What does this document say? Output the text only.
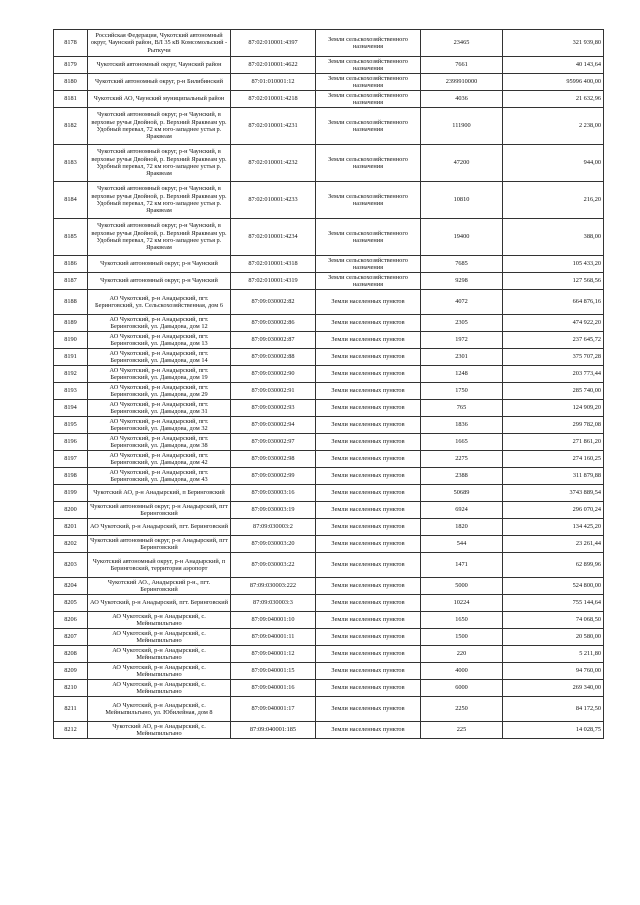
8178	Российская Федерация, Чукотский автономный округ, Чаунский район, ВЛ 35 кВ Комсомольский - Рыткучи	87:02:010001:4397	Земли сельскохозяйственного назначения	23465	321 939,80
8179	Чукотский автономный округ, Чаунский район	87:02:010001:4622	Земли сельскохозяйственного назначения	7661	40 143,64
8180	Чукотский автономный округ, р-н Билибинский	87:01:010001:12	Земли сельскохозяйственного назначения	2399910000	95996 400,00
8181	Чукотский АО, Чаунский муниципальный район	87:02:010001:4218	Земли сельскохозяйственного назначения	4036	21 632,96
8182	Чукотский автономный округ, р-н Чаунский, в верховье ручья Двойной, р. Верхний Яраквеам ур. Удобный перевал, 72 км юго-западнее устья р. Яраквеам	87:02:010001:4231	Земли сельскохозяйственного назначения	111900	2 238,00
8183	Чукотский автономный округ, р-н Чаунский, в верховье ручья Двойной, р. Верхний Яраквеам ур. Удобный перевал, 72 км юго-западнее устья р. Яраквеам	87:02:010001:4232	Земли сельскохозяйственного назначения	47200	944,00
8184	Чукотский автономный округ, р-н Чаунский, в верховье ручья Двойной, р. Верхний Яраквеам ур. Удобный перевал, 72 км юго-западнее устья р. Яраквеам	87:02:010001:4233	Земли сельскохозяйственного назначения	10810	216,20
8185	Чукотский автономный округ, р-н Чаунский, в верховье ручья Двойной, р. Верхний Яраквеам ур. Удобный перевал, 72 км юго-западнее устья р. Яраквеам	87:02:010001:4234	Земли сельскохозяйственного назначения	19400	388,00
8186	Чукотский автономный округ, р-н Чаунский	87:02:010001:4318	Земли сельскохозяйственного назначения	7685	105 433,20
8187	Чукотский автономный округ, р-н Чаунский	87:02:010001:4319	Земли сельскохозяйственного назначения	9298	127 568,56
8188	АО Чукотский, р-н Анадырский, пгт. Беринговский, ул. Сельскохозяйственная, дом 6	87:09:030002:82	Земли населенных пунктов	4072	664 876,16
8189	АО Чукотский, р-н Анадырский, пгт. Беринговский, ул. Давыдова, дом 12	87:09:030002:86	Земли населенных пунктов	2305	474 922,20
8190	АО Чукотский, р-н Анадырский, пгт. Беринговский, ул. Давыдова, дом 13	87:09:030002:87	Земли населенных пунктов	1972	237 645,72
8191	АО Чукотский, р-н Анадырский, пгт. Беринговский, ул. Давыдова, дом 14	87:09:030002:88	Земли населенных пунктов	2301	375 707,28
8192	АО Чукотский, р-н Анадырский, пгт. Беринговский, ул. Давыдова, дом 19	87:09:030002:90	Земли населенных пунктов	1248	203 773,44
8193	АО Чукотский, р-н Анадырский, пгт. Беринговский, ул. Давыдова, дом 29	87:09:030002:91	Земли населенных пунктов	1750	285 740,00
8194	АО Чукотский, р-н Анадырский, пгт. Беринговский, ул. Давыдова, дом 31	87:09:030002:93	Земли населенных пунктов	765	124 909,20
8195	АО Чукотский, р-н Анадырский, пгт. Беринговский, ул. Давыдова, дом 32	87:09:030002:94	Земли населенных пунктов	1836	299 782,08
8196	АО Чукотский, р-н Анадырский, пгт. Беринговский, ул. Давыдова, дом 38	87:09:030002:97	Земли населенных пунктов	1665	271 861,20
8197	АО Чукотский, р-н Анадырский, пгт. Беринговский, ул. Давыдова, дом 42	87:09:030002:98	Земли населенных пунктов	2275	274 160,25
8198	АО Чукотский, р-н Анадырский, пгт. Беринговский, ул. Давыдова, дом 43	87:09:030002:99	Земли населенных пунктов	2388	311 879,88
8199	Чукотский АО, р-н Анадырский, п Беринговский	87:09:030003:16	Земли населенных пунктов	50689	3743 889,54
8200	Чукотский автономный округ, р-н Анадырский, пгт Беринговский	87:09:030003:19	Земли населенных пунктов	6924	296 070,24
8201	АО Чукотский, р-н Анадырский, пгт. Беринговский	87:09:030003:2	Земли населенных пунктов	1820	134 425,20
8202	Чукотский автономный округ, р-н Анадырский, пгт Беринговский	87:09:030003:20	Земли населенных пунктов	544	23 261,44
8203	Чукотский автономный округ, р-н Анадырский, п Беринговский, территория аэропорт	87:09:030003:22	Земли населенных пунктов	1471	62 899,96
8204	Чукотский АО., Анадырский р-н., пгт. Беринговский	87:09:030003:222	Земли населенных пунктов	5000	524 800,00
8205	АО Чукотский, р-н Анадырский, пгт. Беринговский	87:09:030003:3	Земли населенных пунктов	10224	755 144,64
8206	АО Чукотский, р-н Анадырский, с. Мейныпильгыно	87:09:040001:10	Земли населенных пунктов	1650	74 068,50
8207	АО Чукотский, р-н Анадырский, с. Мейныпильгыно	87:09:040001:11	Земли населенных пунктов	1500	20 580,00
8208	АО Чукотский, р-н Анадырский, с. Мейныпильгыно	87:09:040001:12	Земли населенных пунктов	220	5 211,80
8209	АО Чукотский, р-н Анадырский, с. Мейныпильгыно	87:09:040001:15	Земли населенных пунктов	4000	94 760,00
8210	АО Чукотский, р-н Анадырский, с. Мейныпильгыно	87:09:040001:16	Земли населенных пунктов	6000	269 340,00
8211	АО Чукотский, р-н Анадырский, с. Мейныпильгыно, ул. Юбилейная, дом 8	87:09:040001:17	Земли населенных пунктов	2250	84 172,50
8212	Чукотский АО, р-н Анадырский, с. Мейныпильгыно	87:09:040001:185	Земли населенных пунктов	225	14 028,75
